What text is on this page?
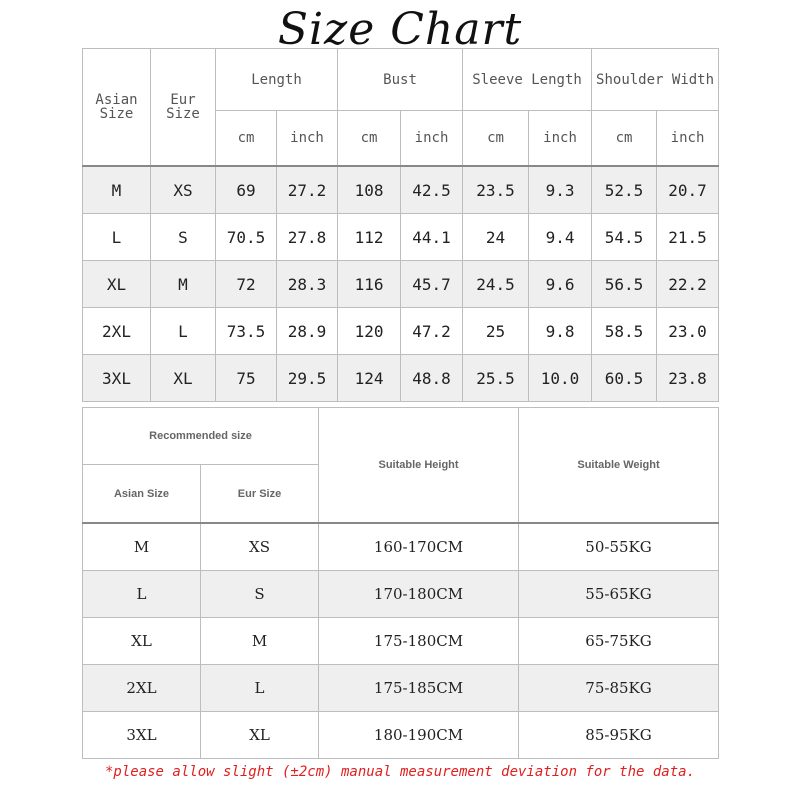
Size Chart
Asian Size	Eur Size	Length		Bust		Sleeve Length		Shoulder Width	
		cm	inch	cm	inch	cm	inch	cm	inch
M	XS	69	27.2	108	42.5	23.5	9.3	52.5	20.7
L	S	70.5	27.8	112	44.1	24	9.4	54.5	21.5
XL	M	72	28.3	116	45.7	24.5	9.6	56.5	22.2
2XL	L	73.5	28.9	120	47.2	25	9.8	58.5	23.0
3XL	XL	75	29.5	124	48.8	25.5	10.0	60.5	23.8
Recommended size		Suitable Height	Suitable Weight
Asian Size	Eur Size		
M	XS	160-170CM	50-55KG
L	S	170-180CM	55-65KG
XL	M	175-180CM	65-75KG
2XL	L	175-185CM	75-85KG
3XL	XL	180-190CM	85-95KG
*please allow slight (±2cm) manual measurement deviation for the data.
